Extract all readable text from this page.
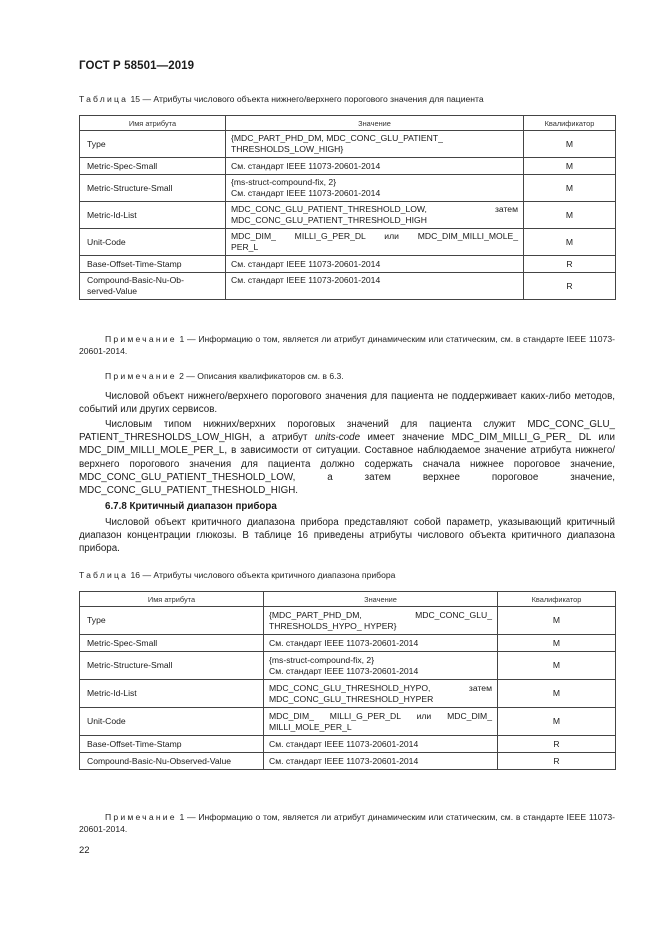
ГОСТ Р 58501—2019
Таблица 15 — Атрибуты числового объекта нижнего/верхнего порогового значения для пациента
Имя атрибута	Значение	Квалификатор
Type	{MDC_PART_PHD_DM, MDC_CONC_GLU_PATIENT_
THRESHOLDS_LOW_HIGH}	M
Metric-Spec-Small	См. стандарт IEEE 11073-20601-2014	M
Metric-Structure-Small	{ms-struct-compound-fix, 2}
См. стандарт IEEE 11073-20601-2014	M
Metric-Id-List	MDC_CONC_GLU_PATIENT_THRESHOLD_LOW, затем
MDC_CONC_GLU_PATIENT_THRESHOLD_HIGH	M
Unit-Code	MDC_DIM_ MILLI_G_PER_DL или MDC_DIM_MILLI_MOLE_
PER_L	M
Base-Offset-Time-Stamp	См. стандарт IEEE 11073-20601-2014	R

Compound-Basic-Nu-Ob-
served-Value	См. стандарт IEEE 11073-20601-2014	R
Примечание 1 — Информацию о том, является ли атрибут динамическим или статическим, см. в стандарте IEEE 11073-20601-2014.
Примечание 2 — Описания квалификаторов см. в 6.3.
Числовой объект нижнего/верхнего порогового значения для пациента не поддерживает каких-либо методов, событий или других сервисов.
Числовым типом нижних/верхних пороговых значений для пациента служит MDC_CONC_GLU_ PATIENT_THRESHOLDS_LOW_HIGH, а атрибут units-code имеет значение MDC_DIM_MILLI_G_PER_ DL или MDC_DIM_MILLI_MOLE_PER_L, в зависимости от ситуации. Составное наблюдаемое значение атрибута нижнего/верхнего порогового значения для пациента должно содержать сначала нижнее пороговое значение, MDC_CONC_GLU_PATIENT_THESHOLD_LOW, а затем верхнее пороговое значение, MDC_CONC_GLU_PATIENT_THESHOLD_HIGH.
6.7.8 Критичный диапазон прибора
Числовой объект критичного диапазона прибора представляют собой параметр, указывающий критичный диапазон концентрации глюкозы. В таблице 16 приведены атрибуты числового объекта критичного диапазона прибора.
Таблица 16 — Атрибуты числового объекта критичного диапазона прибора
Имя атрибута	Значение	Квалификатор
Type	{MDC_PART_PHD_DM, MDC_CONC_GLU_
THRESHOLDS_HYPO_ HYPER}	M
Metric-Spec-Small	См. стандарт IEEE 11073-20601-2014	M
Metric-Structure-Small	{ms-struct-compound-fix, 2}
См. стандарт IEEE 11073-20601-2014	M
Metric-Id-List	MDC_CONC_GLU_THRESHOLD_HYPO, затем
MDC_CONC_GLU_THRESHOLD_HYPER	M
Unit-Code	MDC_DIM_ MILLI_G_PER_DL или MDC_DIM_
MILLI_MOLE_PER_L	M
Base-Offset-Time-Stamp	См. стандарт IEEE 11073-20601-2014	R
Compound-Basic-Nu-Observed-Value	См. стандарт IEEE 11073-20601-2014	R
Примечание 1 — Информацию о том, является ли атрибут динамическим или статическим, см. в стандарте IEEE 11073-20601-2014.
22
